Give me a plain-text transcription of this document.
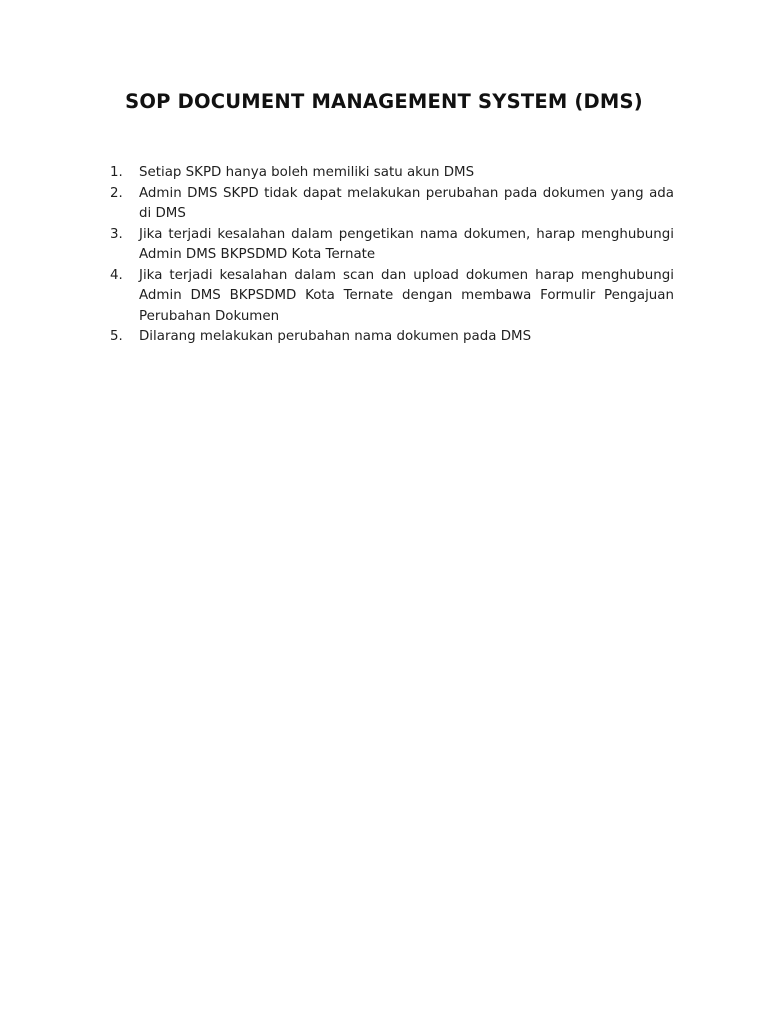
SOP DOCUMENT MANAGEMENT SYSTEM (DMS)
1.	Setiap SKPD hanya boleh memiliki satu akun DMS
2.	Admin DMS SKPD tidak dapat melakukan perubahan pada dokumen yang ada di DMS
3.	Jika terjadi kesalahan dalam pengetikan nama dokumen, harap menghubungi Admin DMS BKPSDMD Kota Ternate
4.	Jika terjadi kesalahan dalam scan dan upload dokumen harap menghubungi Admin DMS BKPSDMD Kota Ternate dengan membawa Formulir Pengajuan Perubahan Dokumen
5.	Dilarang melakukan perubahan nama dokumen pada DMS
